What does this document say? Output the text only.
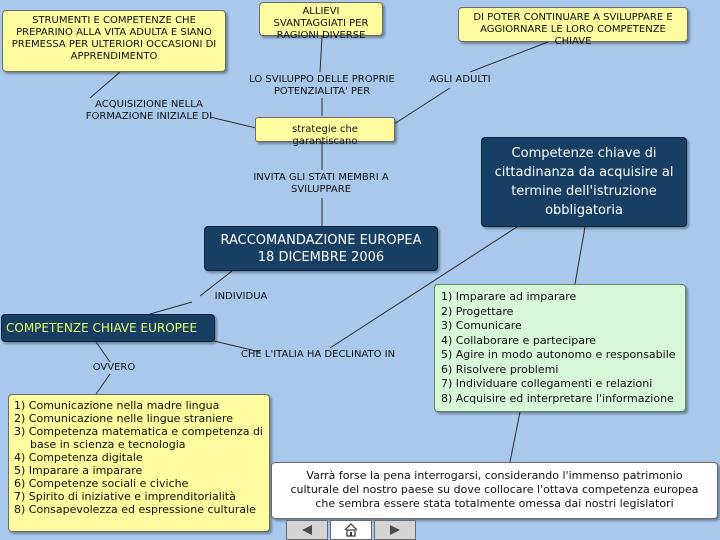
STRUMENTI E COMPETENZE CHE PREPARINO ALLA VITA ADULTA E SIANO PREMESSA PER ULTERIORI OCCASIONI DI APPRENDIMENTO
ALLIEVI SVANTAGGIATI PER RAGIONI DIVERSE
DI POTER CONTINUARE A SVILUPPARE E AGGIORNARE LE LORO COMPETENZE CHIAVE
LO SVILUPPO DELLE PROPRIE POTENZIALITA' PER
AGLI ADULTI
ACQUISIZIONE NELLA FORMAZIONE INIZIALE DI
strategie che garantiscano
Competenze chiave di cittadinanza da acquisire al termine dell'istruzione obbligatoria
INVITA GLI STATI MEMBRI A SVILUPPARE
RACCOMANDAZIONE EUROPEA 18 DICEMBRE 2006
INDIVIDUA
COMPETENZE CHIAVE EUROPEE
CHE L'ITALIA HA DECLINATO IN
OVVERO
1) Imparare ad imparare
2) Progettare
3) Comunicare
4) Collaborare e partecipare
5) Agire in modo autonomo e responsabile
6) Risolvere problemi
7) Individuare collegamenti e relazioni
8) Acquisire ed interpretare l'informazione
1) Comunicazione nella madre lingua
2) Comunicazione nelle lingue straniere
3) Competenza matematica e competenza di base in scienza e tecnologia
4) Competenza digitale
5) Imparare a imparare
6) Competenze sociali e civiche
7) Spirito di iniziative e imprenditorialità
8) Consapevolezza ed espressione culturale
Varrà forse la pena interrogarsi, considerando l'immenso patrimonio culturale del nostro paese su dove collocare l'ottava competenza europea che sembra essere stata totalmente omessa dai nostri legislatori
